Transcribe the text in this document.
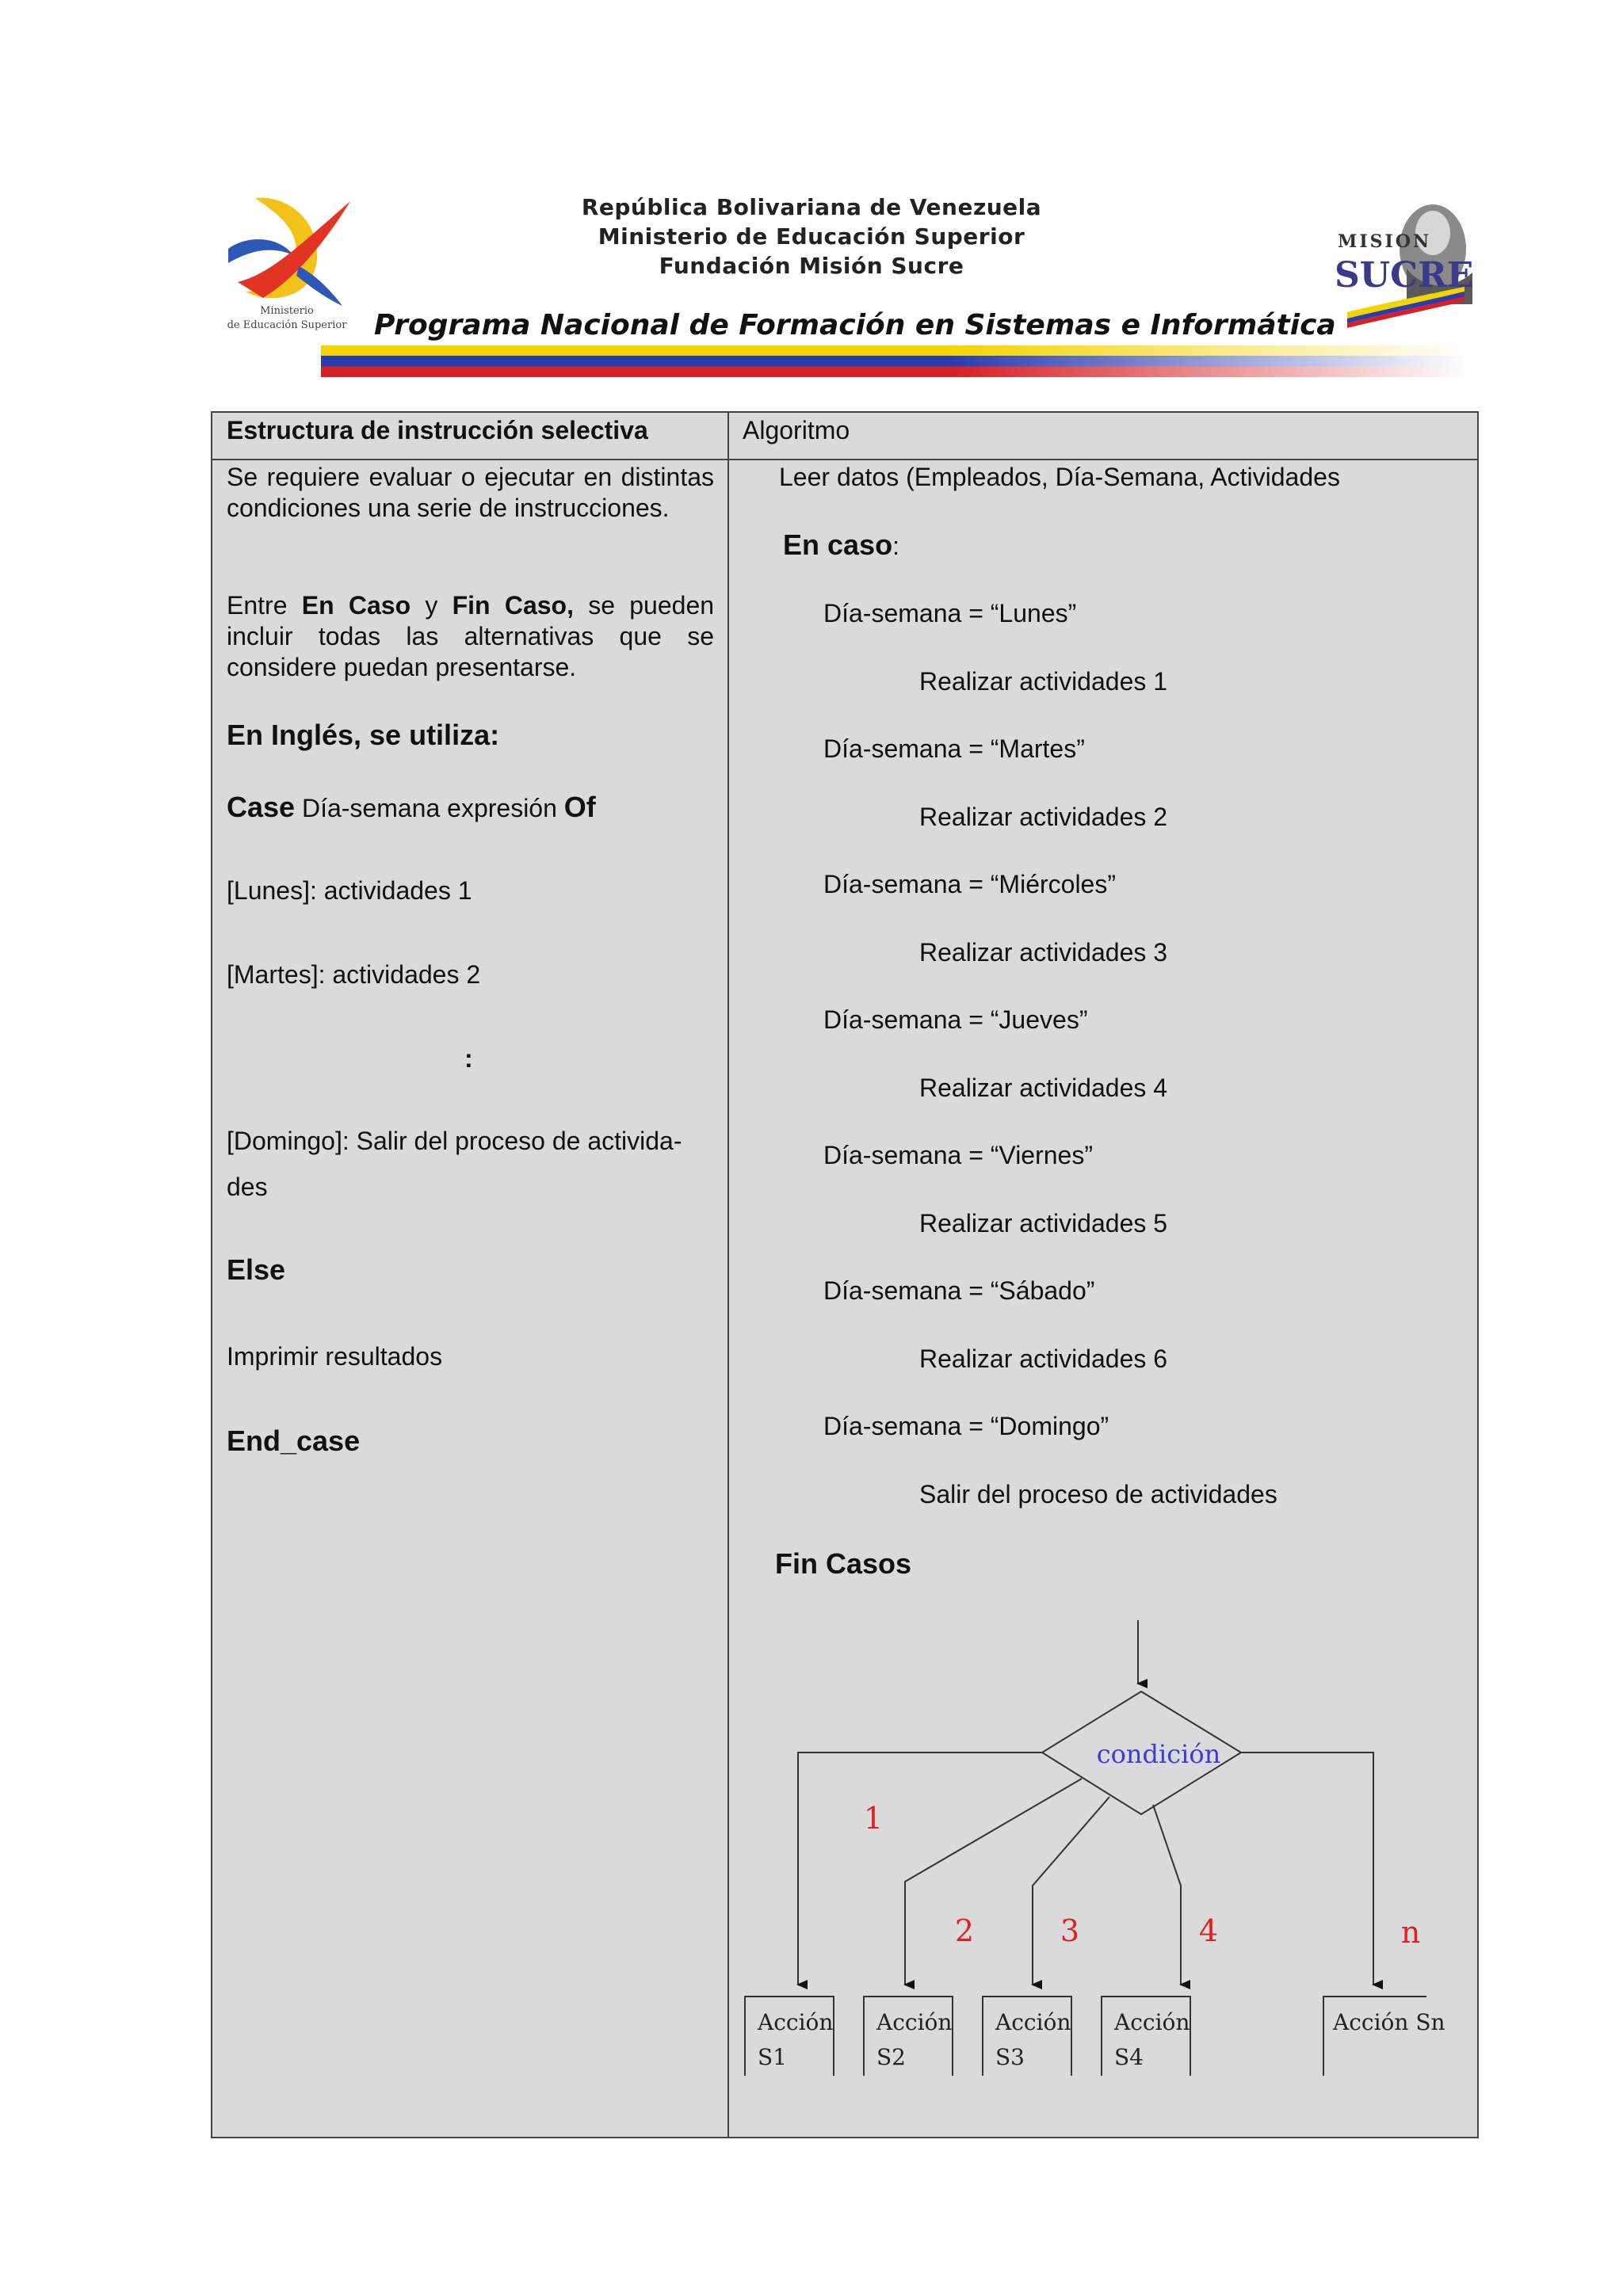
Ministerio
de Educación Superior
República Bolivariana de Venezuela
Ministerio de Educación Superior
Fundación Misión Sucre
MISION
SUCRE
Programa Nacional de Formación en Sistemas e Informática
Estructura de instrucción selectiva	Algoritmo
Se requiere evaluar o ejecutar en distintas condiciones una serie de instrucciones.
Entre En Caso y Fin Caso, se pueden incluir todas las alternativas que se considere puedan presentarse.
En Inglés, se utiliza:
Case Día-semana expresión Of
[Lunes]: actividades 1
[Martes]: actividades 2
:
[Domingo]: Salir del proceso de activida-
des
Else
Imprimir resultados
End_case
Leer datos (Empleados, Día-Semana, Actividades
En caso:
Día-semana = “Lunes”
Realizar actividades 1
Día-semana = “Martes”
Realizar actividades 2
Día-semana = “Miércoles”
Realizar actividades 3
Día-semana = “Jueves”
Realizar actividades 4
Día-semana = “Viernes”
Realizar actividades 5
Día-semana = “Sábado”
Realizar actividades 6
Día-semana = “Domingo”
Salir del proceso de actividades
Fin Casos
condición
1
2	3	4	n
Acción
S1
Acción
S2
Acción
S3
Acción
S4
Acción Sn
